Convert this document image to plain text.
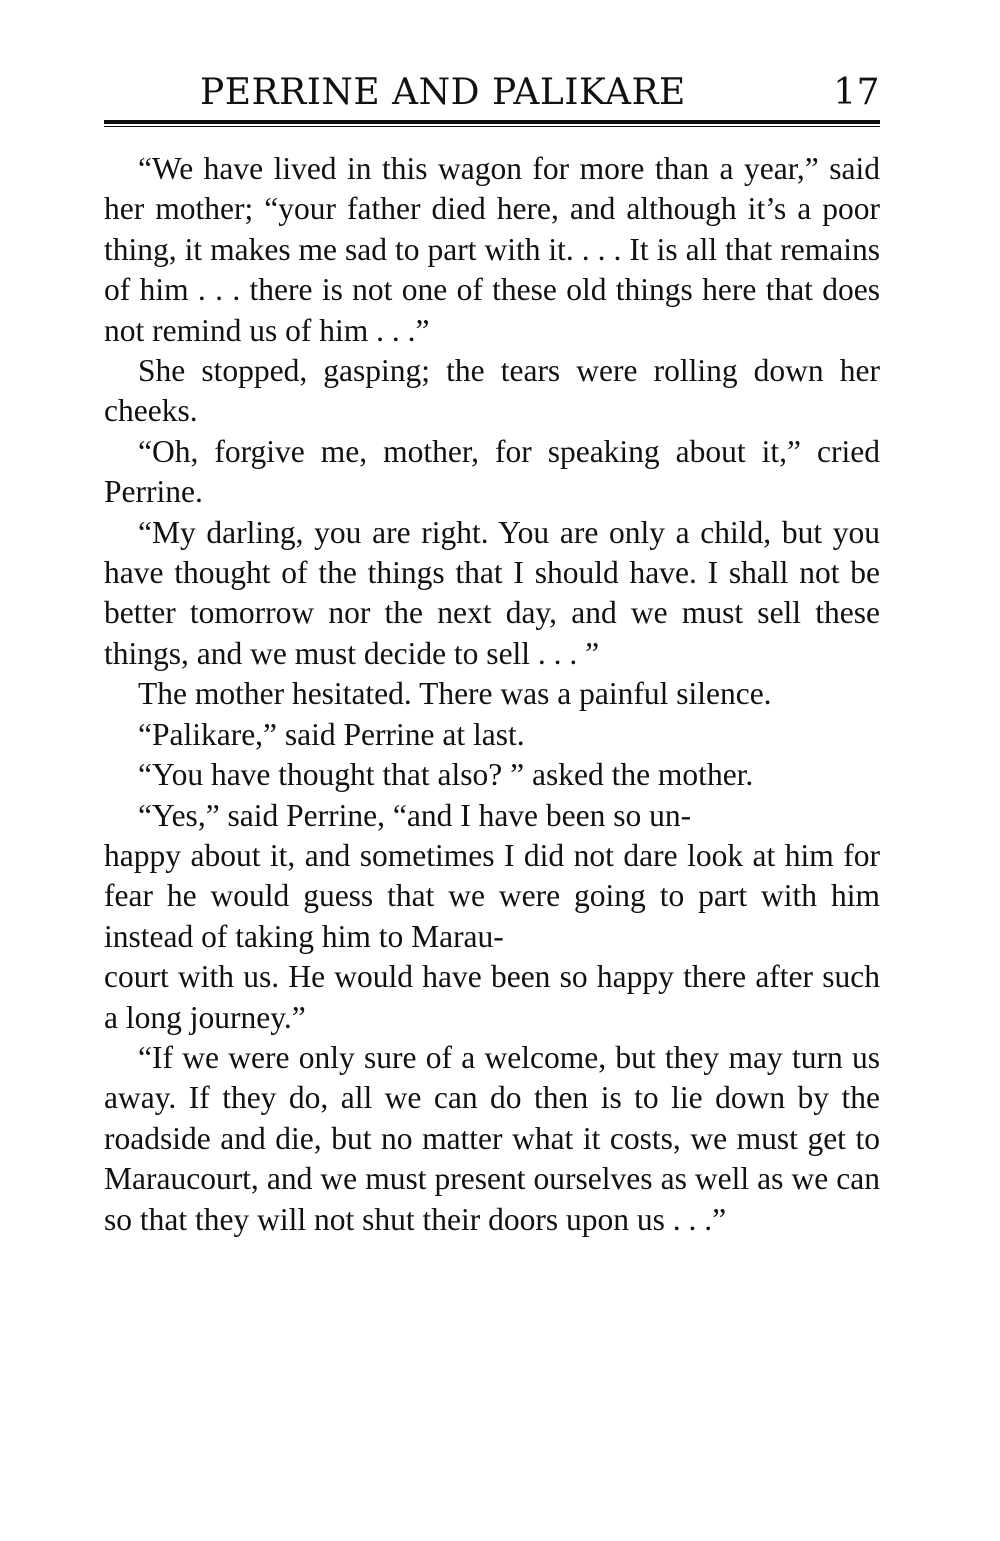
PERRINE AND PALIKARE	17

“We have lived in this wagon for more than a year,” said her mother; “your father died here, and although it’s a poor thing, it makes me sad to part with it. . . . It is all that remains of him . . . there is not one of these old things here that does not remind us of him . . .”

She stopped, gasping; the tears were rolling down her cheeks.

“Oh, forgive me, mother, for speaking about it,” cried Perrine.

“My darling, you are right. You are only a child, but you have thought of the things that I should have. I shall not be better tomorrow nor the next day, and we must sell these things, and we must decide to sell . . . ”

The mother hesitated. There was a painful silence.

“Palikare,” said Perrine at last.

“You have thought that also? ” asked the mother.

“Yes,” said Perrine, “and I have been so un-
happy about it, and sometimes I did not dare look at him for fear he would guess that we were going to part with him instead of taking him to Marau-
court with us. He would have been so happy there after such a long journey.”

“If we were only sure of a welcome, but they may turn us away. If they do, all we can do then is to lie down by the roadside and die, but no matter what it costs, we must get to Maraucourt, and we must present ourselves as well as we can so that they will not shut their doors upon us . . .”
